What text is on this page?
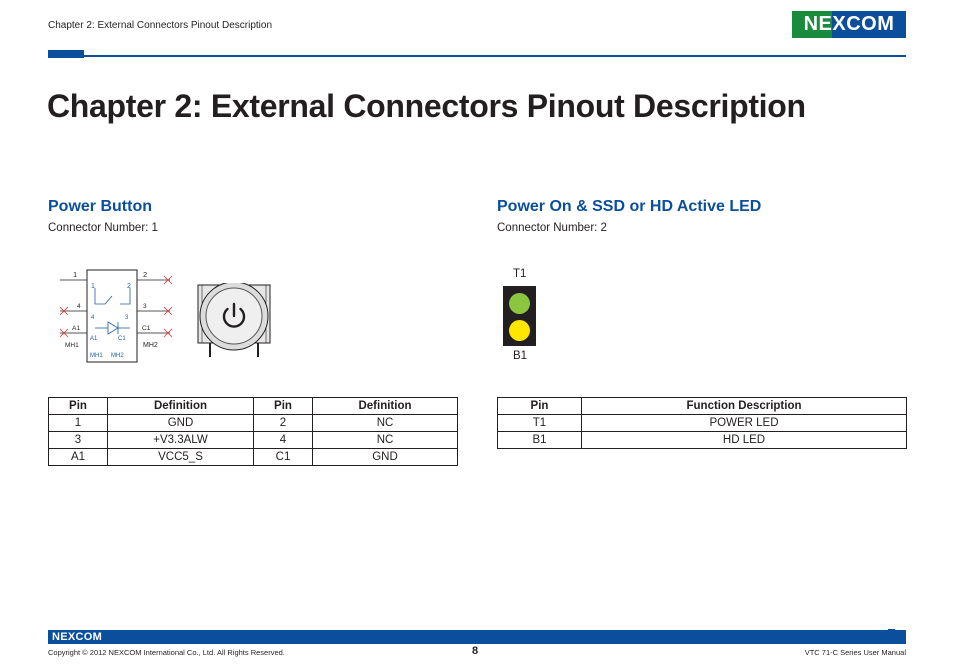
Chapter 2: External Connectors Pinout Description	NEXCOM
Chapter 2: External Connectors Pinout Description
Power Button
Connector Number: 1
1	2
4	3
1	2
4	3
A1	C1
A1	C1
MH1	MH2
MH1 MH2
Pin	Definition	Pin	Definition
1	GND	2	NC
3	+V3.3ALW	4	NC
A1	VCC5_S	C1	GND
Power On & SSD or HD Active LED
Connector Number: 2
T1
B1
Pin	Function Description
T1	POWER LED
B1	HD LED
NEXCOM
Copyright © 2012 NEXCOM International Co., Ltd. All Rights Reserved.	8	VTC 71-C Series User Manual
